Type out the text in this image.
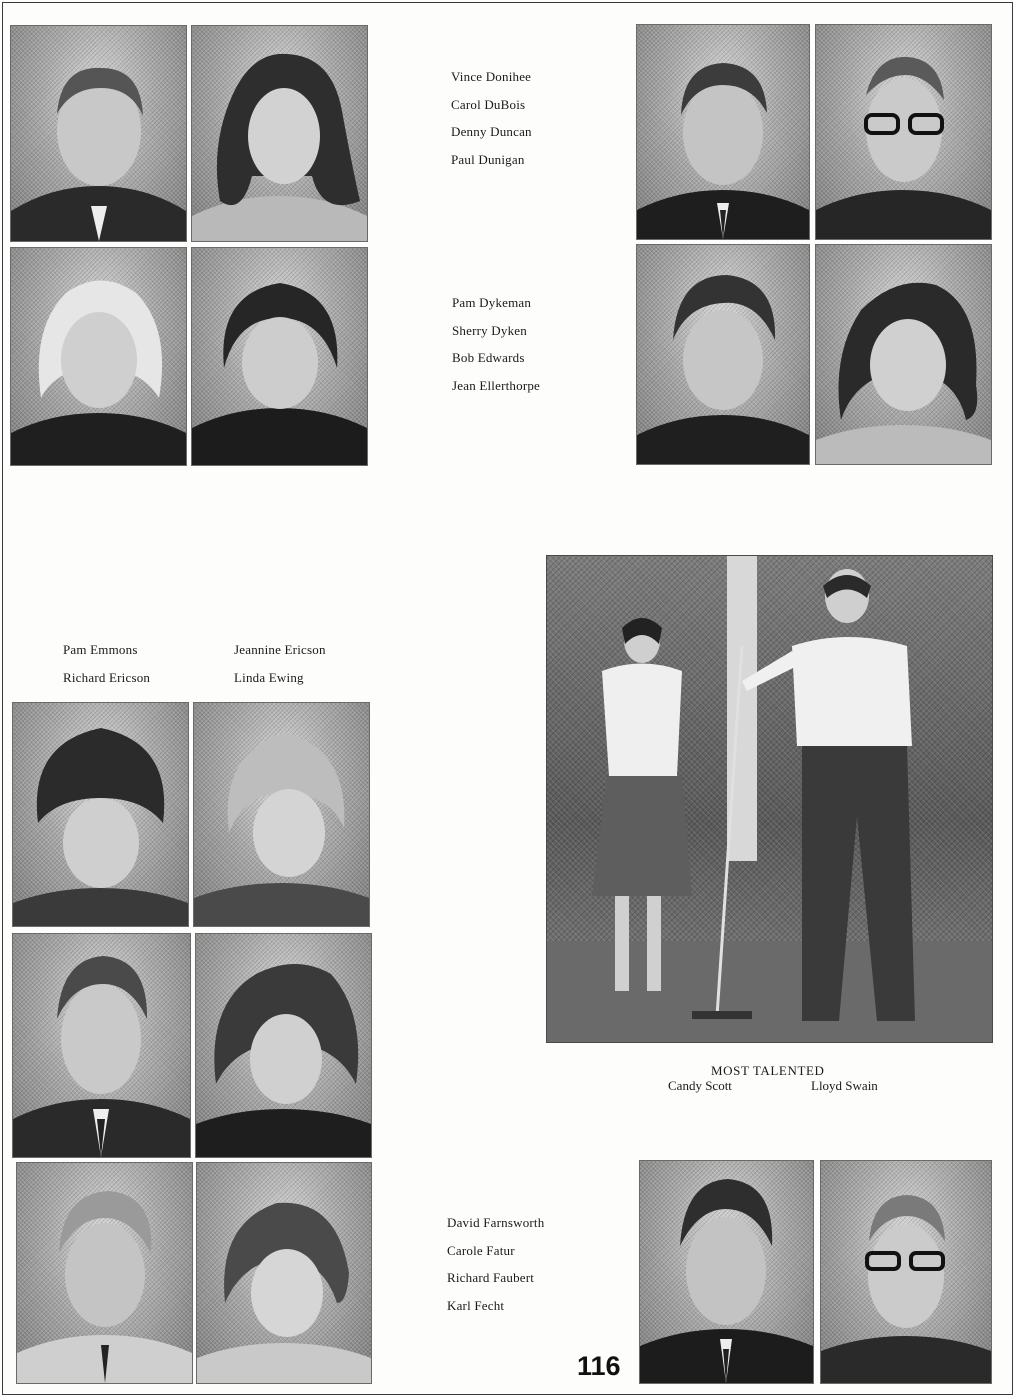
Vince Donihee
Carol DuBois
Denny Duncan
Paul Dunigan
Pam Dykeman
Sherry Dyken
Bob Edwards
Jean Ellerthorpe
Pam Emmons
Richard Ericson
Jeannine Ericson
Linda Ewing
David Farnsworth
Carole Fatur
Richard Faubert
Karl Fecht
MOST TALENTED
Candy Scott	Lloyd Swain
116
